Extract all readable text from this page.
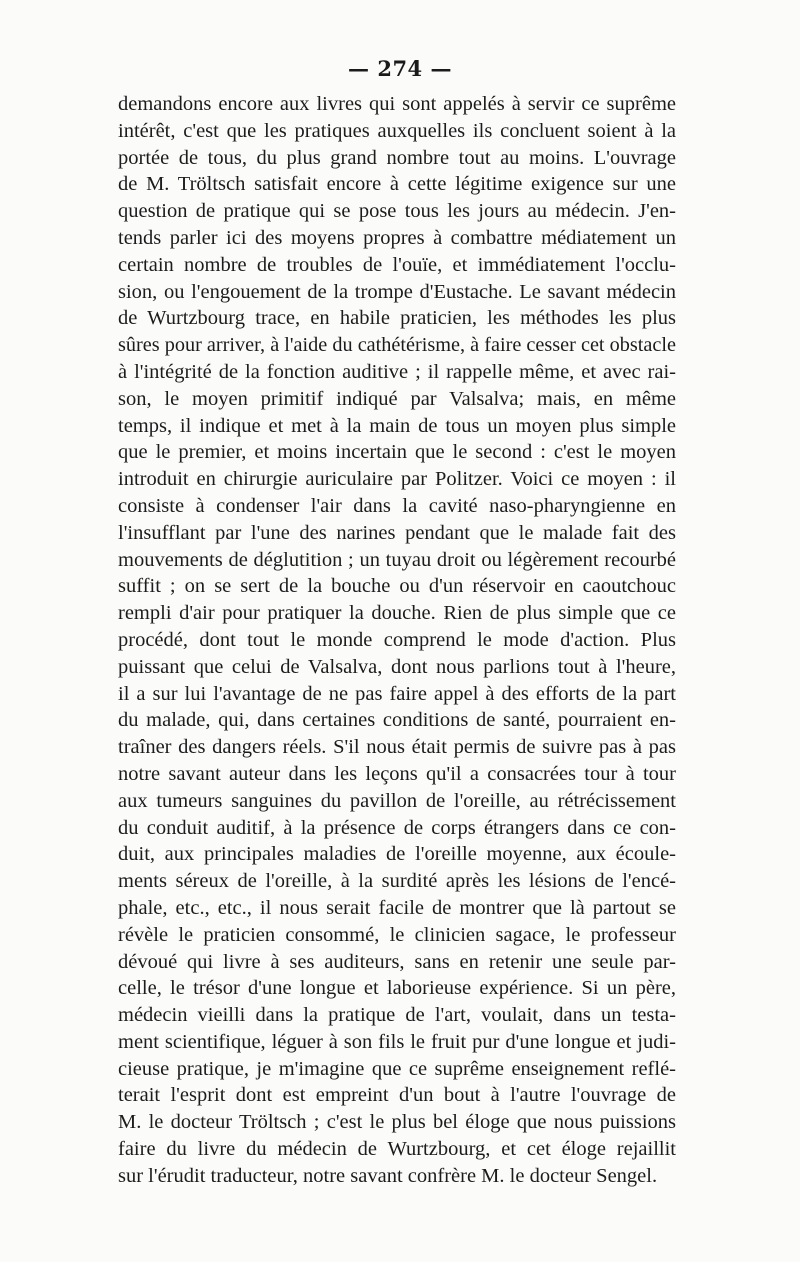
— 274 —
demandons encore aux livres qui sont appelés à servir ce suprême
intérêt, c'est que les pratiques auxquelles ils concluent soient à la
portée de tous, du plus grand nombre tout au moins. L'ouvrage
de M. Tröltsch satisfait encore à cette légitime exigence sur une
question de pratique qui se pose tous les jours au médecin. J'en-
tends parler ici des moyens propres à combattre médiatement un
certain nombre de troubles de l'ouïe, et immédiatement l'occlu-
sion, ou l'engouement de la trompe d'Eustache. Le savant médecin
de Wurtzbourg trace, en habile praticien, les méthodes les plus
sûres pour arriver, à l'aide du cathétérisme, à faire cesser cet obstacle
à l'intégrité de la fonction auditive ; il rappelle même, et avec rai-
son, le moyen primitif indiqué par Valsalva; mais, en même
temps, il indique et met à la main de tous un moyen plus simple
que le premier, et moins incertain que le second : c'est le moyen
introduit en chirurgie auriculaire par Politzer. Voici ce moyen : il
consiste à condenser l'air dans la cavité naso-pharyngienne en
l'insufflant par l'une des narines pendant que le malade fait des
mouvements de déglutition ; un tuyau droit ou légèrement recourbé
suffit ; on se sert de la bouche ou d'un réservoir en caoutchouc
rempli d'air pour pratiquer la douche. Rien de plus simple que ce
procédé, dont tout le monde comprend le mode d'action. Plus
puissant que celui de Valsalva, dont nous parlions tout à l'heure,
il a sur lui l'avantage de ne pas faire appel à des efforts de la part
du malade, qui, dans certaines conditions de santé, pourraient en-
traîner des dangers réels. S'il nous était permis de suivre pas à pas
notre savant auteur dans les leçons qu'il a consacrées tour à tour
aux tumeurs sanguines du pavillon de l'oreille, au rétrécissement
du conduit auditif, à la présence de corps étrangers dans ce con-
duit, aux principales maladies de l'oreille moyenne, aux écoule-
ments séreux de l'oreille, à la surdité après les lésions de l'encé-
phale, etc., etc., il nous serait facile de montrer que là partout se
révèle le praticien consommé, le clinicien sagace, le professeur
dévoué qui livre à ses auditeurs, sans en retenir une seule par-
celle, le trésor d'une longue et laborieuse expérience. Si un père,
médecin vieilli dans la pratique de l'art, voulait, dans un testa-
ment scientifique, léguer à son fils le fruit pur d'une longue et judi-
cieuse pratique, je m'imagine que ce suprême enseignement reflé-
terait l'esprit dont est empreint d'un bout à l'autre l'ouvrage de
M. le docteur Tröltsch ; c'est le plus bel éloge que nous puissions
faire du livre du médecin de Wurtzbourg, et cet éloge rejaillit
sur l'érudit traducteur, notre savant confrère M. le docteur Sengel.
